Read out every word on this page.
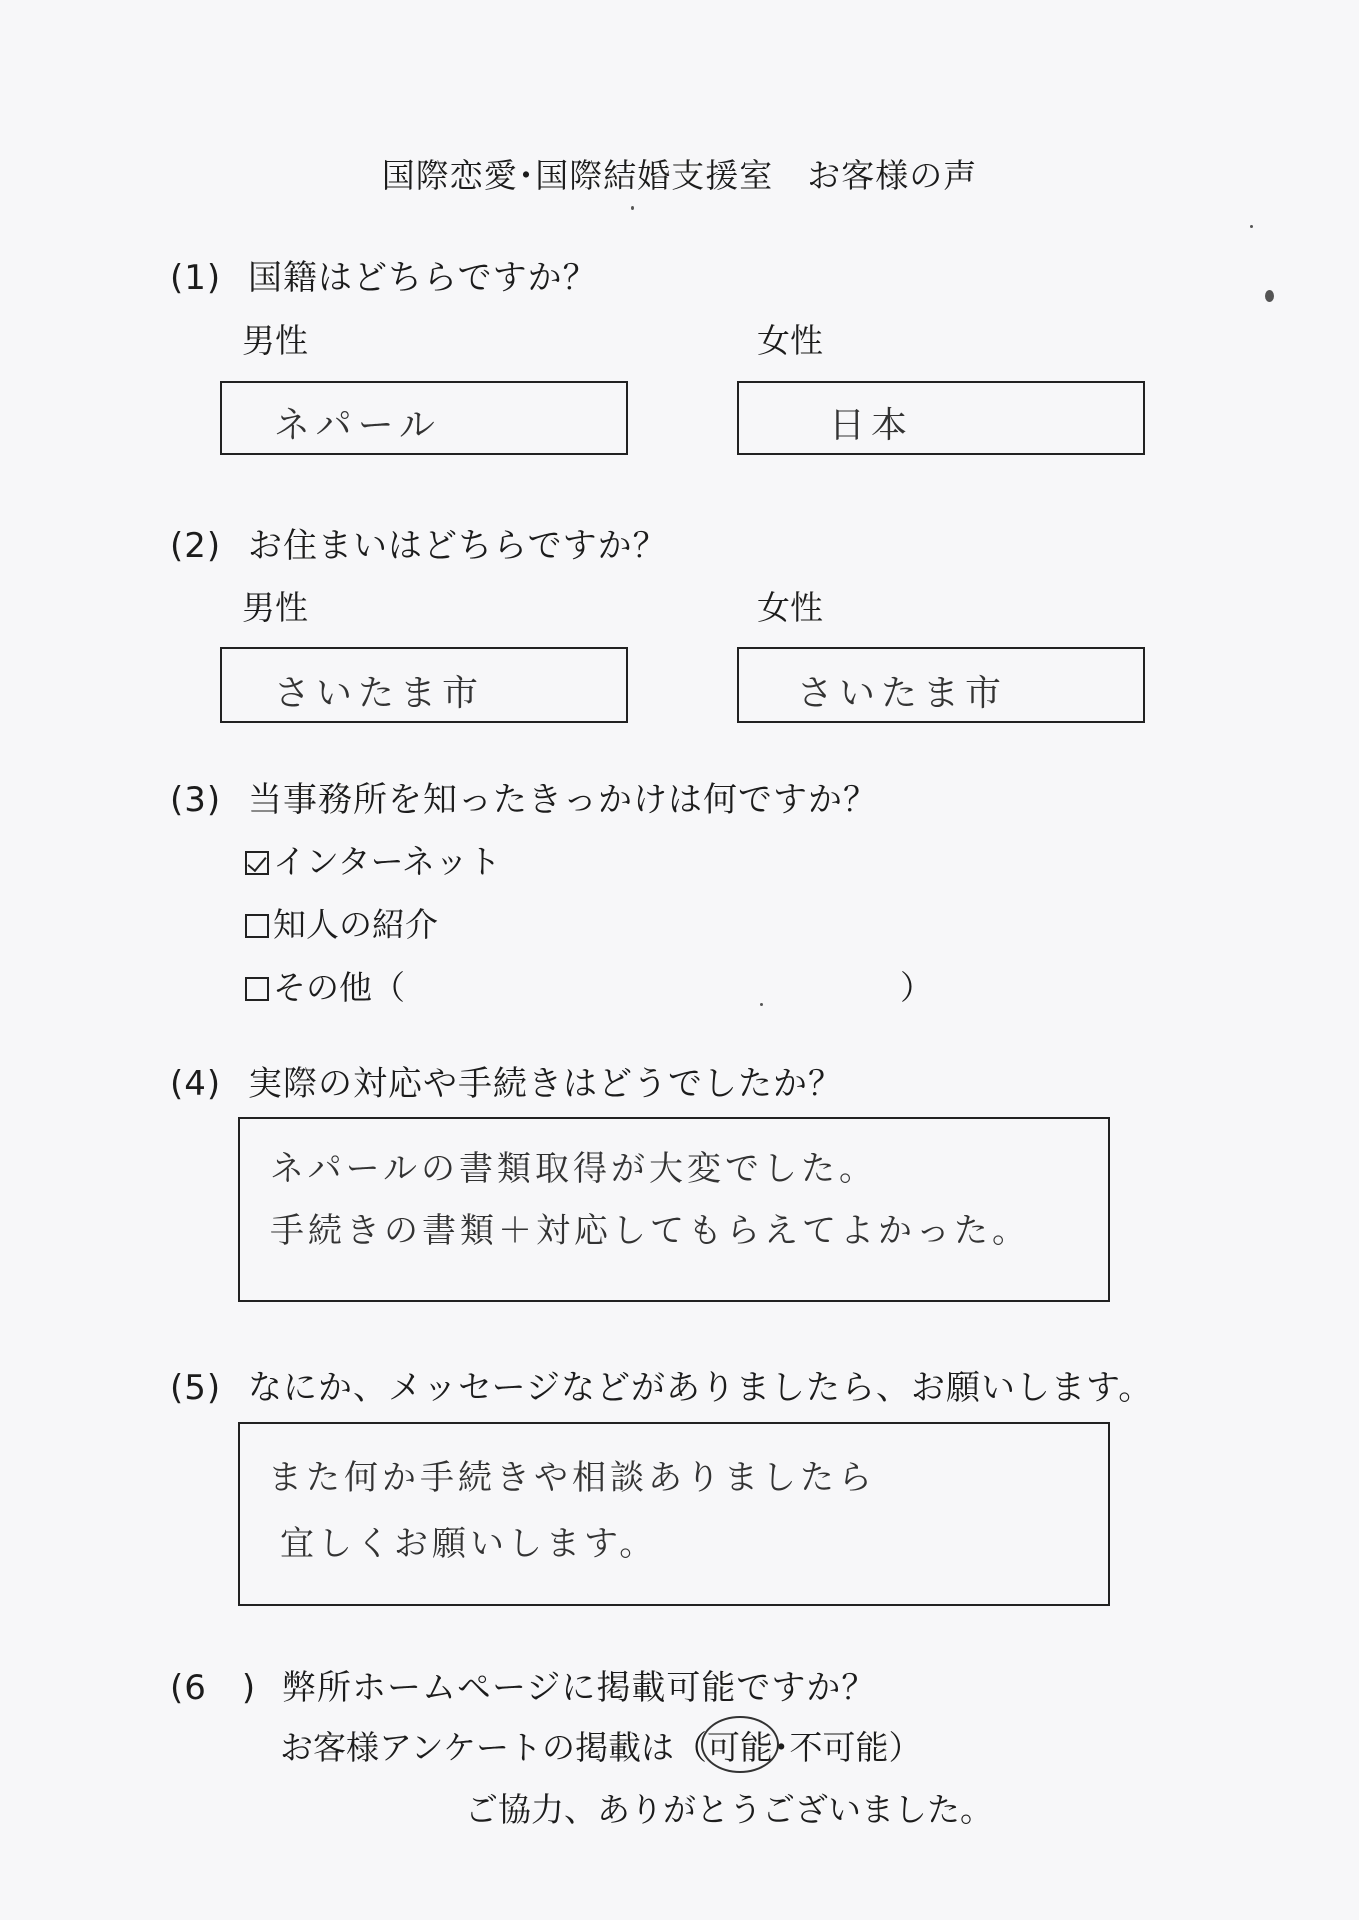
国際恋愛･国際結婚支援室 お客様の声
(1) 国籍はどちらですか？
男性	女性
ネパール	日本
(2) お住まいはどちらですか？
男性	女性
さいたま市	さいたま市
(3) 当事務所を知ったきっかけは何ですか？
インターネット
知人の紹介
その他（	）
(4) 実際の対応や手続きはどうでしたか？
ネパールの書類取得が大変でした。
手続きの書類＋対応してもらえてよかった。
(5) なにか、メッセージなどがありましたら、お願いします。
また何か手続きや相談ありましたら
宜しくお願いします。
(6　) 弊所ホームページに掲載可能ですか？
お客様アンケートの掲載は（
可能･不可能）
ご協力、ありがとうございました。
